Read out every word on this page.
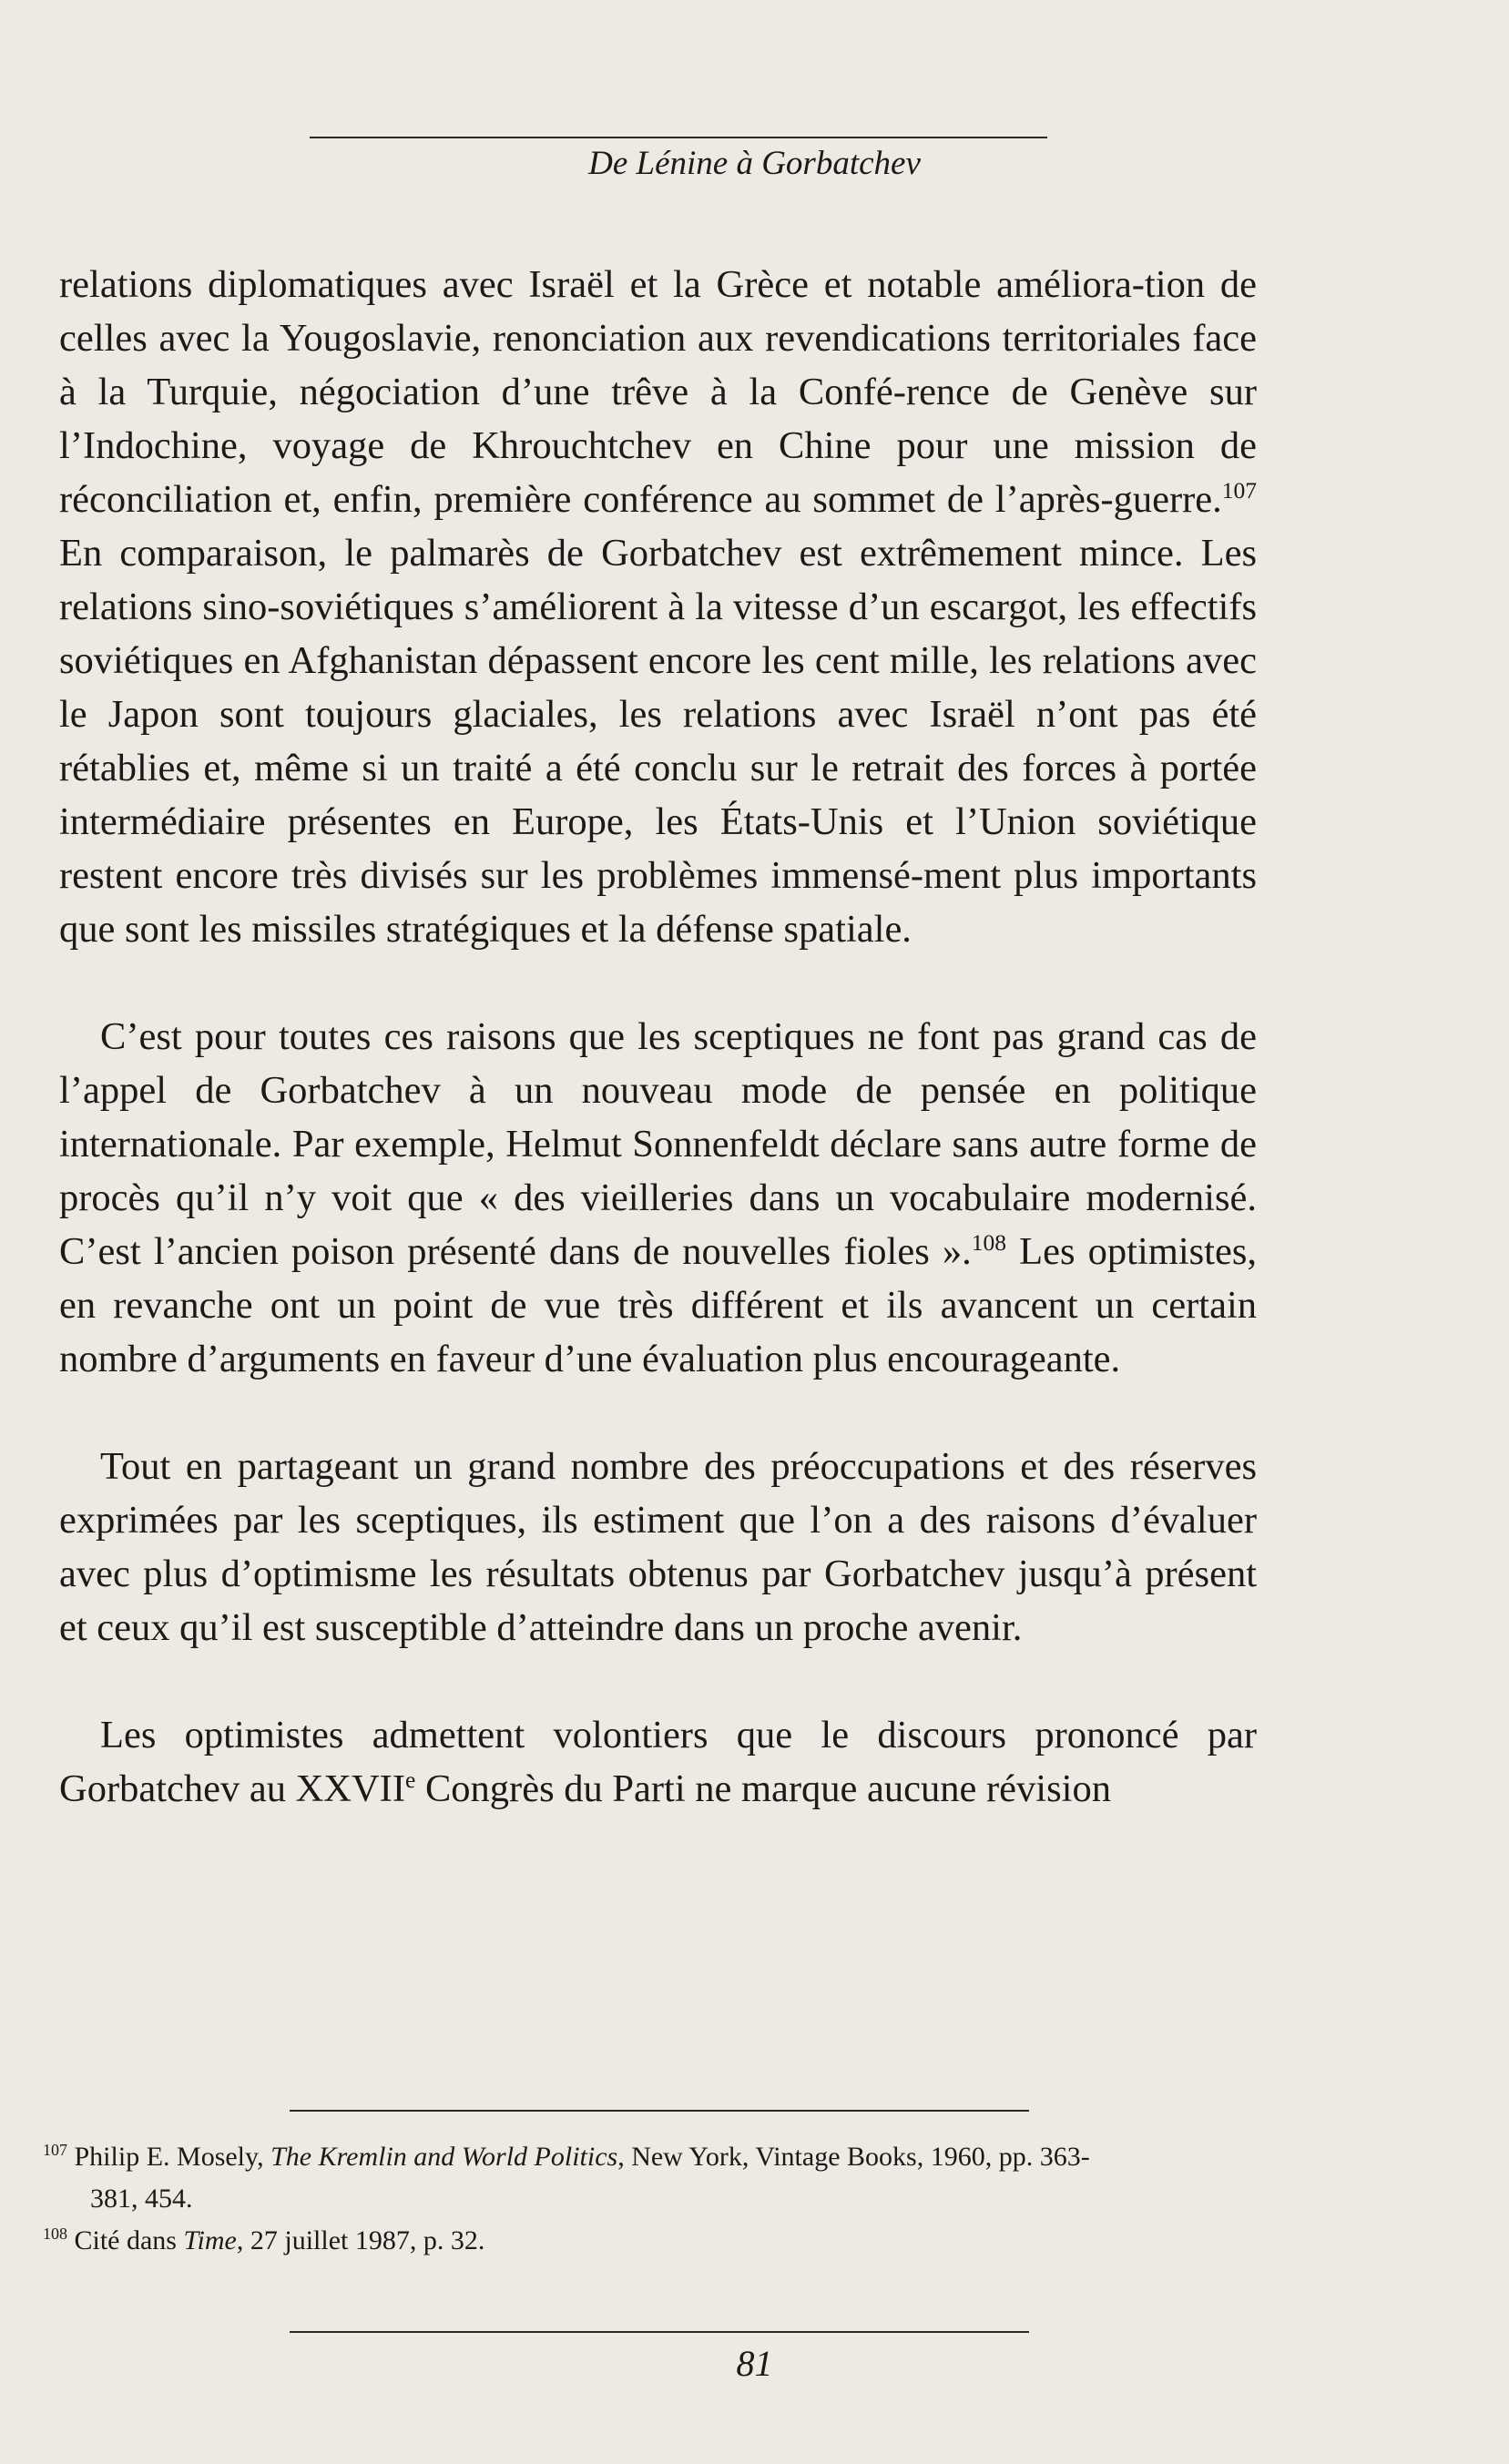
De Lénine à Gorbatchev

relations diplomatiques avec Israël et la Grèce et notable améliora-tion de celles avec la Yougoslavie, renonciation aux revendications territoriales face à la Turquie, négociation d’une trêve à la Confé-rence de Genève sur l’Indochine, voyage de Khrouchtchev en Chine pour une mission de réconciliation et, enfin, première conférence au sommet de l’après-guerre.$^{107}$ En comparaison, le palmarès de Gorbatchev est extrêmement mince. Les relations sino-soviétiques s’améliorent à la vitesse d’un escargot, les effectifs soviétiques en Afghanistan dépassent encore les cent mille, les relations avec le Japon sont toujours glaciales, les relations avec Israël n’ont pas été rétablies et, même si un traité a été conclu sur le retrait des forces à portée intermédiaire présentes en Europe, les États-Unis et l’Union soviétique restent encore très divisés sur les problèmes immensé-ment plus importants que sont les missiles stratégiques et la défense spatiale.

C’est pour toutes ces raisons que les sceptiques ne font pas grand cas de l’appel de Gorbatchev à un nouveau mode de pensée en politique internationale. Par exemple, Helmut Sonnenfeldt déclare sans autre forme de procès qu’il n’y voit que « des vieilleries dans un vocabulaire modernisé. C’est l’ancien poison présenté dans de nouvelles fioles ».$^{108}$ Les optimistes, en revanche ont un point de vue très différent et ils avancent un certain nombre d’arguments en faveur d’une évaluation plus encourageante.

Tout en partageant un grand nombre des préoccupations et des réserves exprimées par les sceptiques, ils estiment que l’on a des raisons d’évaluer avec plus d’optimisme les résultats obtenus par Gorbatchev jusqu’à présent et ceux qu’il est susceptible d’atteindre dans un proche avenir.

Les optimistes admettent volontiers que le discours prononcé par Gorbatchev au XXVIIe Congrès du Parti ne marque aucune révision

$^{107}$ Philip E. Mosely, The Kremlin and World Politics, New York, Vintage Books, 1960, pp. 363-
381, 454.

$^{108}$ Cité dans Time, 27 juillet 1987, p. 32.

81
